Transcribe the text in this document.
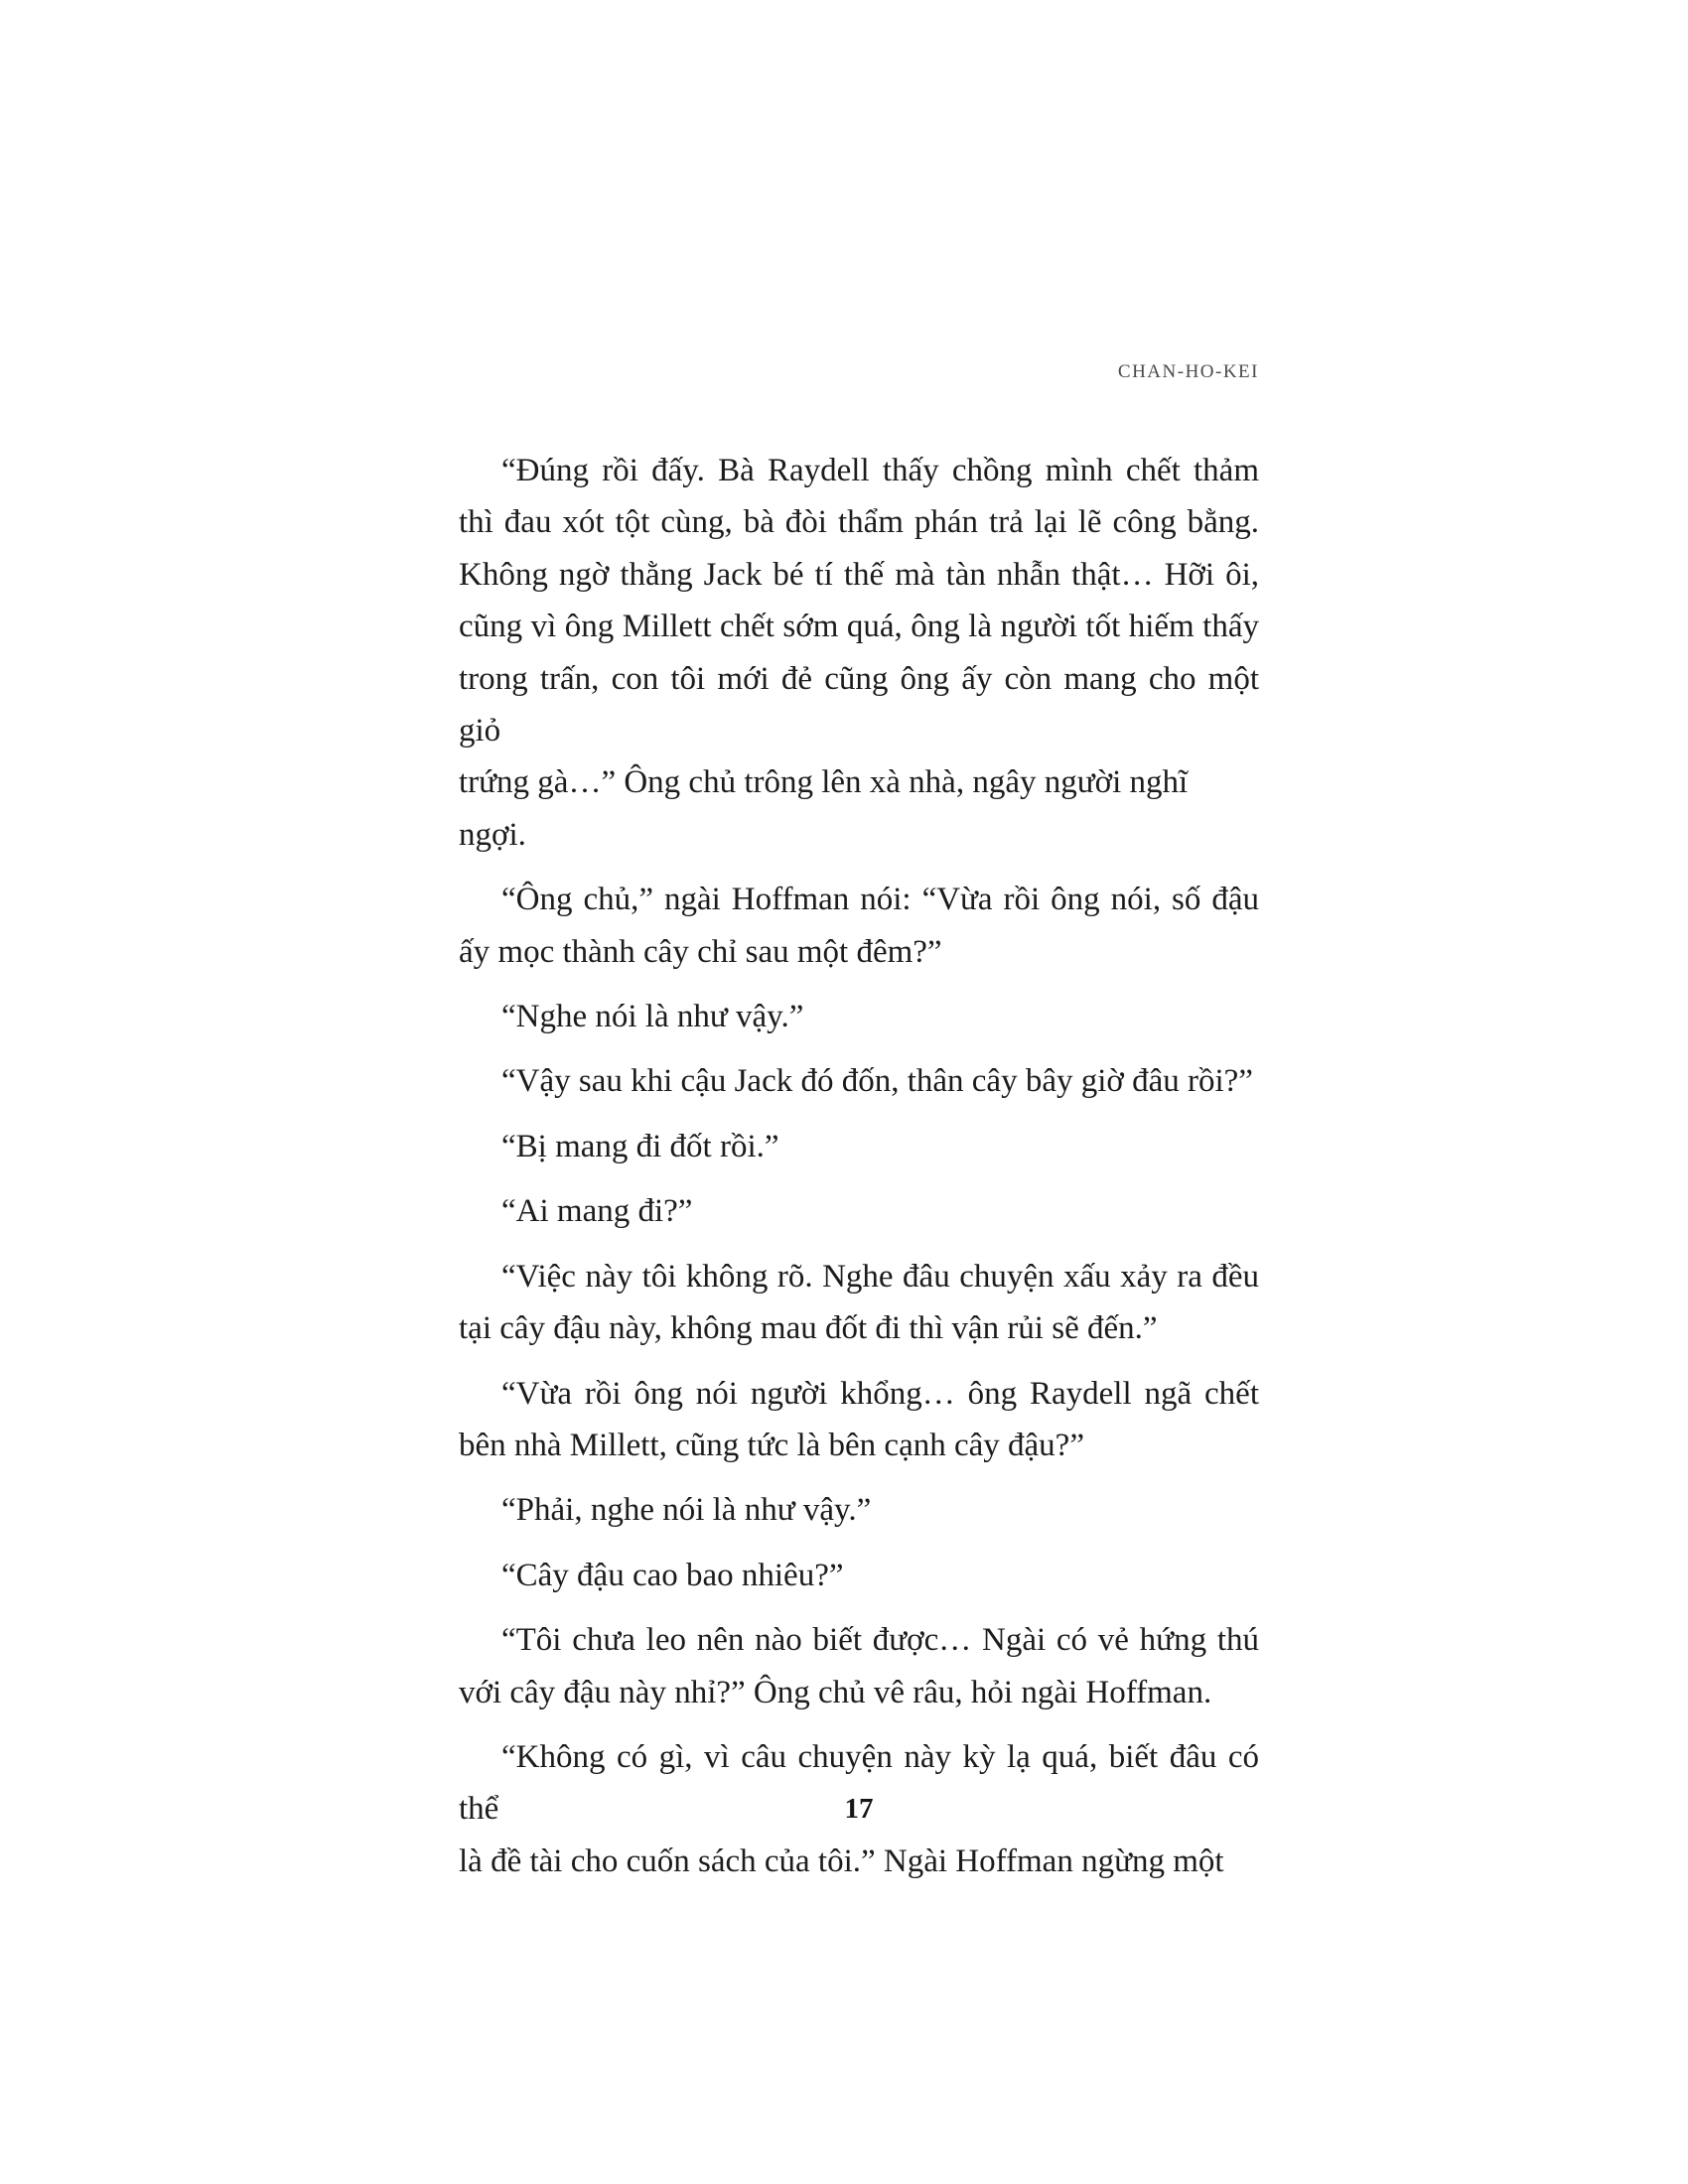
CHAN-HO-KEI
“Đúng rồi đấy. Bà Raydell thấy chồng mình chết thảm
thì đau xót tột cùng, bà đòi thẩm phán trả lại lẽ công bằng.
Không ngờ thằng Jack bé tí thế mà tàn nhẫn thật… Hỡi ôi,
cũng vì ông Millett chết sớm quá, ông là người tốt hiếm thấy
trong trấn, con tôi mới đẻ cũng ông ấy còn mang cho một giỏ
trứng gà…” Ông chủ trông lên xà nhà, ngây người nghĩ ngợi.
“Ông chủ,” ngài Hoffman nói: “Vừa rồi ông nói, số đậu
ấy mọc thành cây chỉ sau một đêm?”
“Nghe nói là như vậy.”
“Vậy sau khi cậu Jack đó đốn, thân cây bây giờ đâu rồi?”
“Bị mang đi đốt rồi.”
“Ai mang đi?”
“Việc này tôi không rõ. Nghe đâu chuyện xấu xảy ra đều
tại cây đậu này, không mau đốt đi thì vận rủi sẽ đến.”
“Vừa rồi ông nói người khổng… ông Raydell ngã chết
bên nhà Millett, cũng tức là bên cạnh cây đậu?”
“Phải, nghe nói là như vậy.”
“Cây đậu cao bao nhiêu?”
“Tôi chưa leo nên nào biết được… Ngài có vẻ hứng thú
với cây đậu này nhỉ?” Ông chủ vê râu, hỏi ngài Hoffman.
“Không có gì, vì câu chuyện này kỳ lạ quá, biết đâu có thể
là đề tài cho cuốn sách của tôi.” Ngài Hoffman ngừng một
17
